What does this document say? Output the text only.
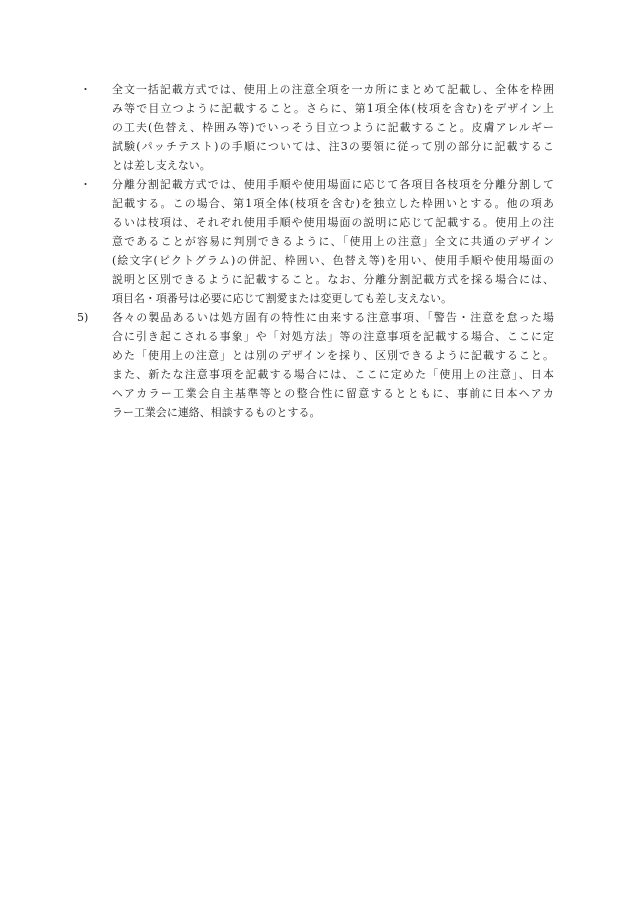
・ 全文一括記載方式では、使用上の注意全項を一カ所にまとめて記載し、全体を枠囲
み等で目立つように記載すること。さらに、第1項全体(枝項を含む)をデザイン上
の工夫(色替え、枠囲み等)でいっそう目立つように記載すること。皮膚アレルギー
試験(パッチテスト)の手順については、注3の要領に従って別の部分に記載するこ
とは差し支えない。
・ 分離分割記載方式では、使用手順や使用場面に応じて各項目各枝項を分離分割して
記載する。この場合、第1項全体(枝項を含む)を独立した枠囲いとする。他の項あ
るいは枝項は、それぞれ使用手順や使用場面の説明に応じて記載する。使用上の注
意であることが容易に判別できるように、「使用上の注意」全文に共通のデザイン
(絵文字(ピクトグラム)の併記、枠囲い、色替え等)を用い、使用手順や使用場面の
説明と区別できるように記載すること。なお、分離分割記載方式を採る場合には、
項目名・項番号は必要に応じて割愛または変更しても差し支えない。
5) 各々の製品あるいは処方固有の特性に由来する注意事項、「警告・注意を怠った場
合に引き起こされる事象」や「対処方法」等の注意事項を記載する場合、ここに定
めた「使用上の注意」とは別のデザインを採り、区別できるように記載すること。
また、新たな注意事項を記載する場合には、ここに定めた「使用上の注意」、日本
ヘアカラー工業会自主基準等との整合性に留意するとともに、事前に日本ヘアカ
ラー工業会に連絡、相談するものとする。
